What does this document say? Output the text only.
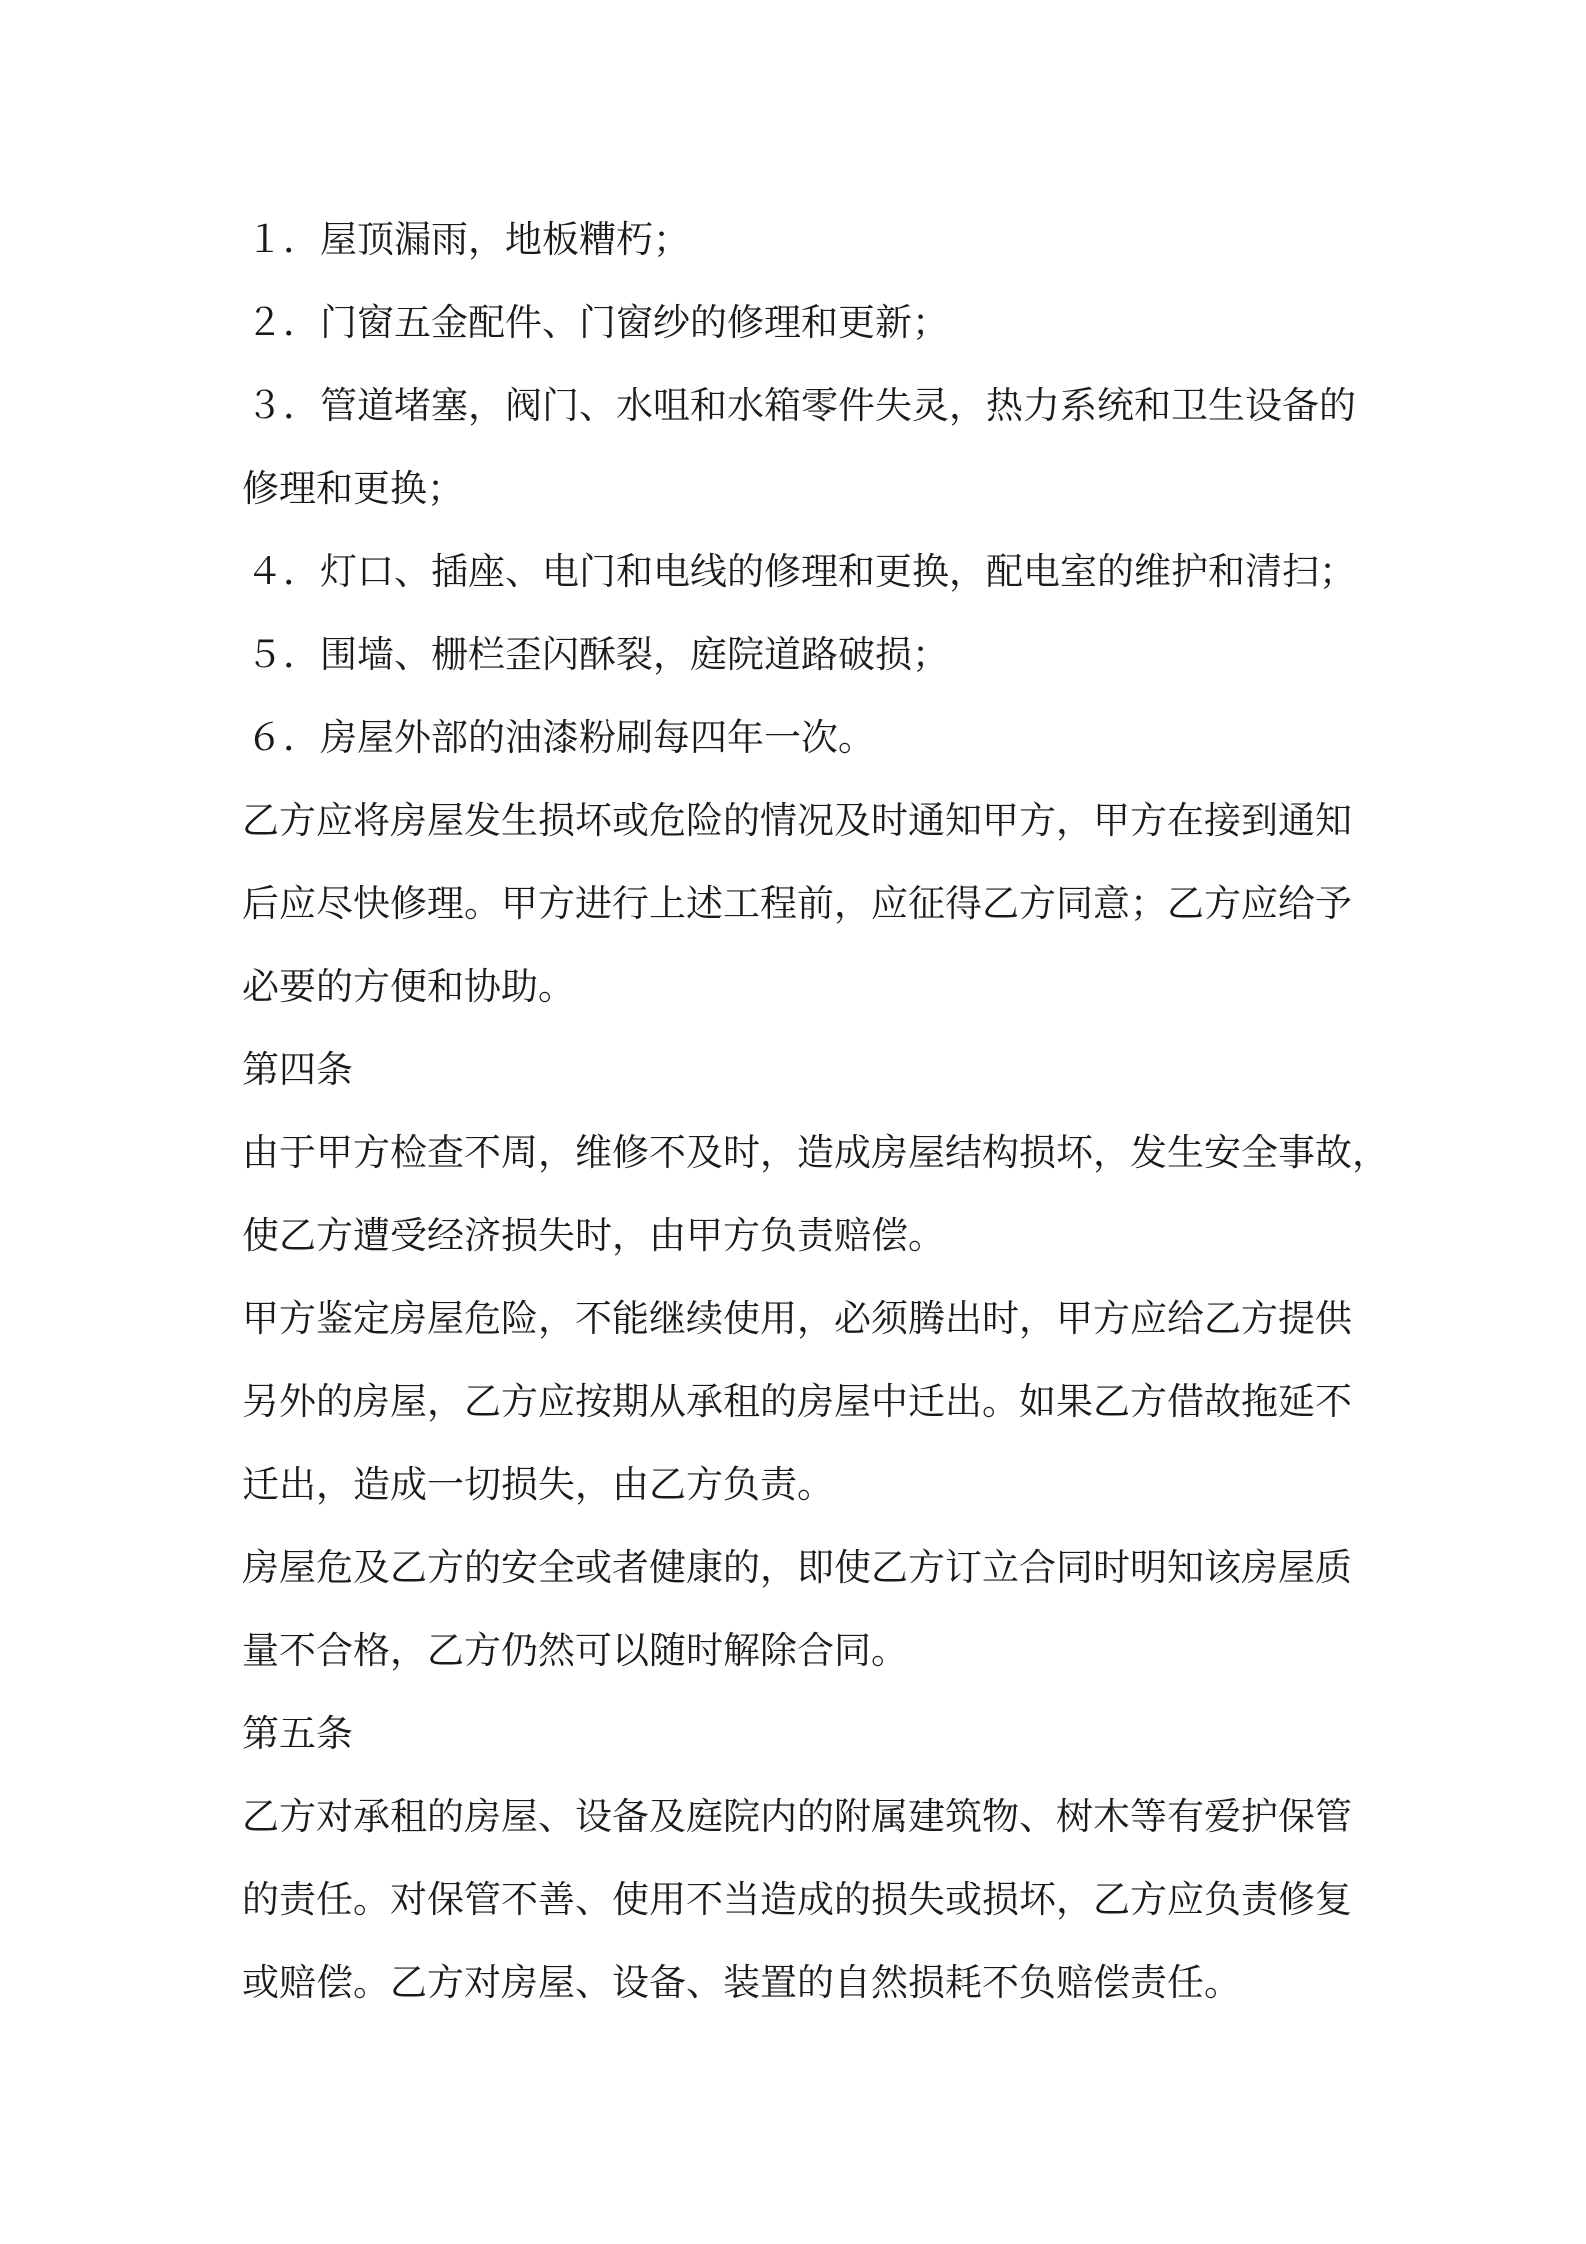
１．屋顶漏雨，地板糟朽；

２．门窗五金配件、门窗纱的修理和更新；

３．管道堵塞，阀门、水咀和水箱零件失灵，热力系统和卫生设备的

修理和更换；

４．灯口、插座、电门和电线的修理和更换，配电室的维护和清扫；

５．围墙、栅栏歪闪酥裂，庭院道路破损；

６．房屋外部的油漆粉刷每四年一次。

乙方应将房屋发生损坏或危险的情况及时通知甲方，甲方在接到通知

后应尽快修理。甲方进行上述工程前，应征得乙方同意；乙方应给予

必要的方便和协助。

第四条

由于甲方检查不周，维修不及时，造成房屋结构损坏，发生安全事故，

使乙方遭受经济损失时，由甲方负责赔偿。

甲方鉴定房屋危险，不能继续使用，必须腾出时，甲方应给乙方提供

另外的房屋，乙方应按期从承租的房屋中迁出。如果乙方借故拖延不

迁出，造成一切损失，由乙方负责。

房屋危及乙方的安全或者健康的，即使乙方订立合同时明知该房屋质

量不合格，乙方仍然可以随时解除合同。

第五条

乙方对承租的房屋、设备及庭院内的附属建筑物、树木等有爱护保管

的责任。对保管不善、使用不当造成的损失或损坏，乙方应负责修复

或赔偿。乙方对房屋、设备、装置的自然损耗不负赔偿责任。
